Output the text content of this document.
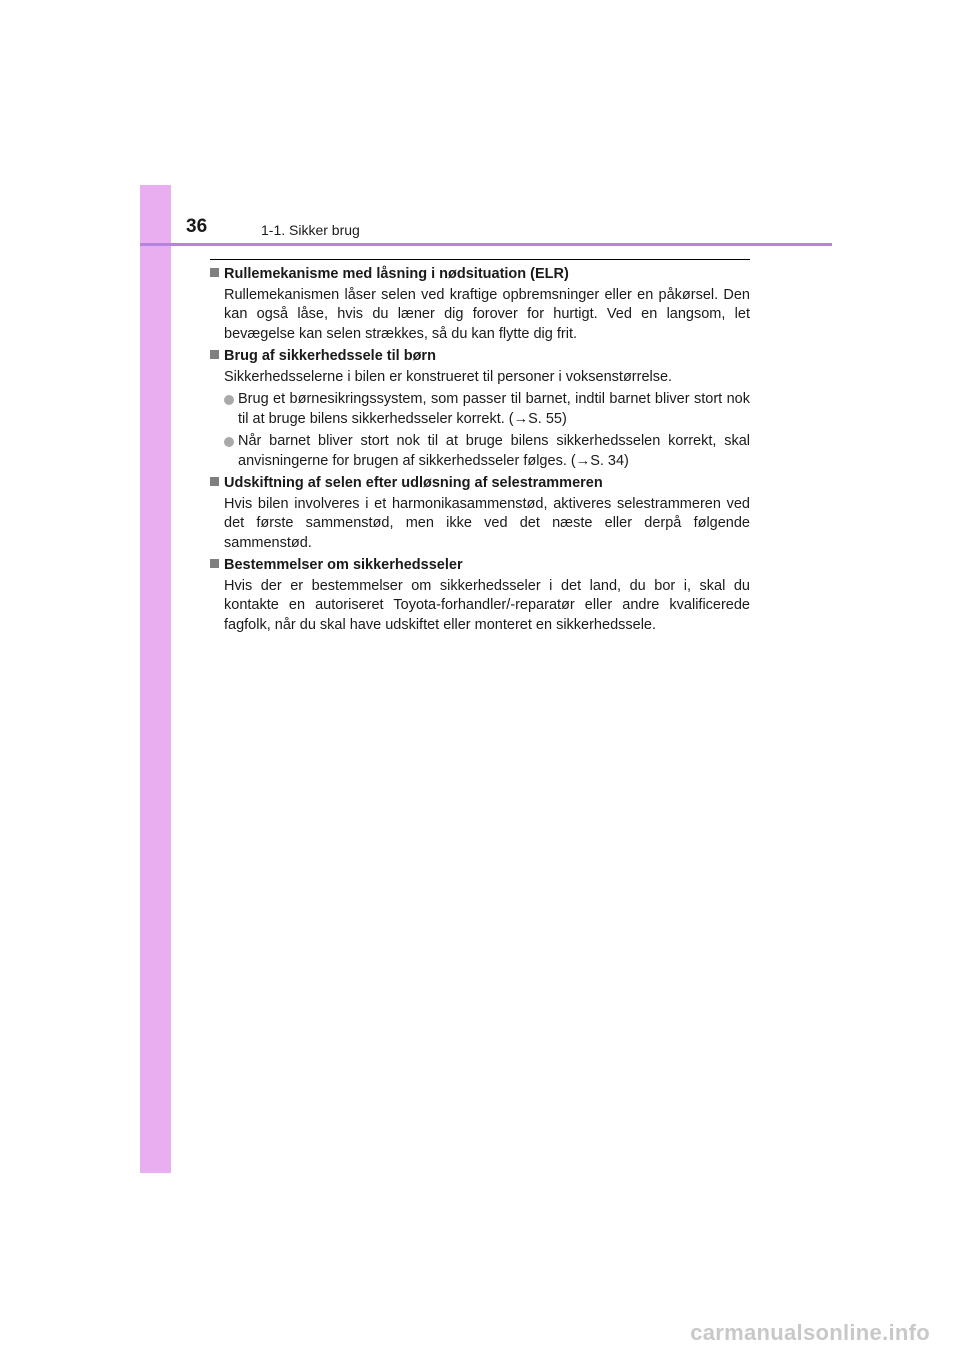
36	1-1. Sikker brug
Rullemekanisme med låsning i nødsituation (ELR)
Rullemekanismen låser selen ved kraftige opbremsninger eller en påkørsel. Den kan også låse, hvis du læner dig forover for hurtigt. Ved en langsom, let bevægelse kan selen strækkes, så du kan flytte dig frit.
Brug af sikkerhedssele til børn
Sikkerhedsselerne i bilen er konstrueret til personer i voksenstørrelse.
Brug et børnesikringssystem, som passer til barnet, indtil barnet bliver stort nok til at bruge bilens sikkerhedsseler korrekt. (→S. 55)
Når barnet bliver stort nok til at bruge bilens sikkerhedsselen korrekt, skal anvisningerne for brugen af sikkerhedsseler følges. (→S. 34)
Udskiftning af selen efter udløsning af selestrammeren
Hvis bilen involveres i et harmonikasammenstød, aktiveres selestrammeren ved det første sammenstød, men ikke ved det næste eller derpå følgende sammenstød.
Bestemmelser om sikkerhedsseler
Hvis der er bestemmelser om sikkerhedsseler i det land, du bor i, skal du kontakte en autoriseret Toyota-forhandler/-reparatør eller andre kvalificerede fagfolk, når du skal have udskiftet eller monteret en sikkerhedssele.
carmanualsonline.info
